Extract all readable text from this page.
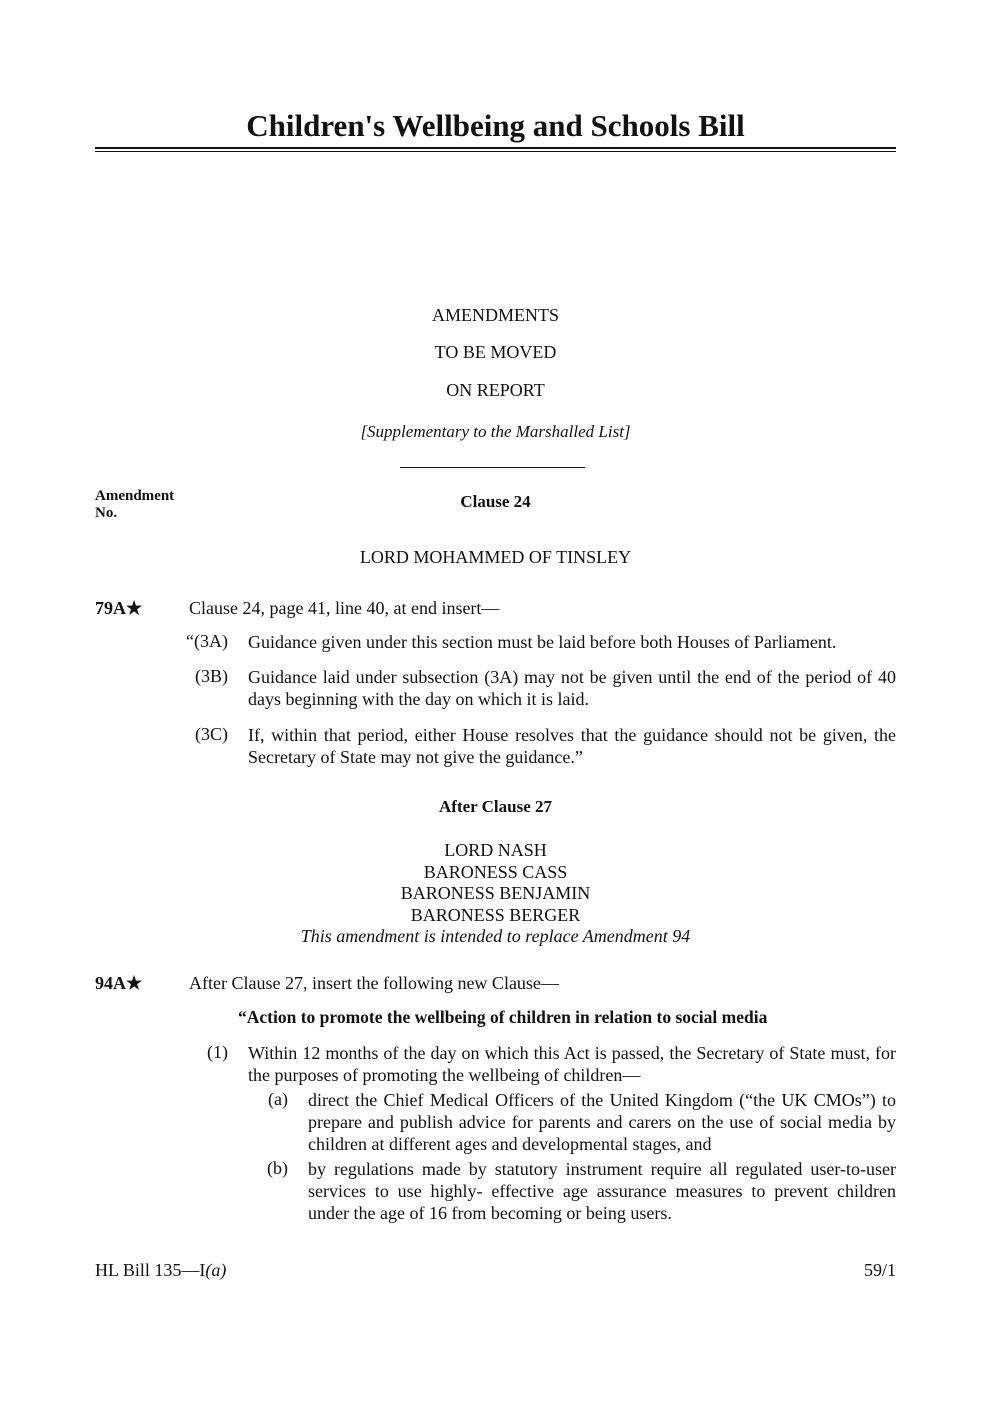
Children's Wellbeing and Schools Bill
AMENDMENTS
TO BE MOVED
ON REPORT
[Supplementary to the Marshalled List]
Amendment
No.
Clause 24
LORD MOHAMMED OF TINSLEY
79A★	Clause 24, page 41, line 40, at end insert—
“(3A) Guidance given under this section must be laid before both Houses of Parliament.
(3B) Guidance laid under subsection (3A) may not be given until the end of the period of 40 days beginning with the day on which it is laid.
(3C) If, within that period, either House resolves that the guidance should not be given, the Secretary of State may not give the guidance.”
After Clause 27
LORD NASH
BARONESS CASS
BARONESS BENJAMIN
BARONESS BERGER
This amendment is intended to replace Amendment 94
94A★	After Clause 27, insert the following new Clause—
“Action to promote the wellbeing of children in relation to social media
(1) Within 12 months of the day on which this Act is passed, the Secretary of State must, for the purposes of promoting the wellbeing of children—
(a) direct the Chief Medical Officers of the United Kingdom (“the UK CMOs”) to prepare and publish advice for parents and carers on the use of social media by children at different ages and developmental stages, and
(b) by regulations made by statutory instrument require all regulated user-to-user services to use highly- effective age assurance measures to prevent children under the age of 16 from becoming or being users.
HL Bill 135—I(a)	59/1
